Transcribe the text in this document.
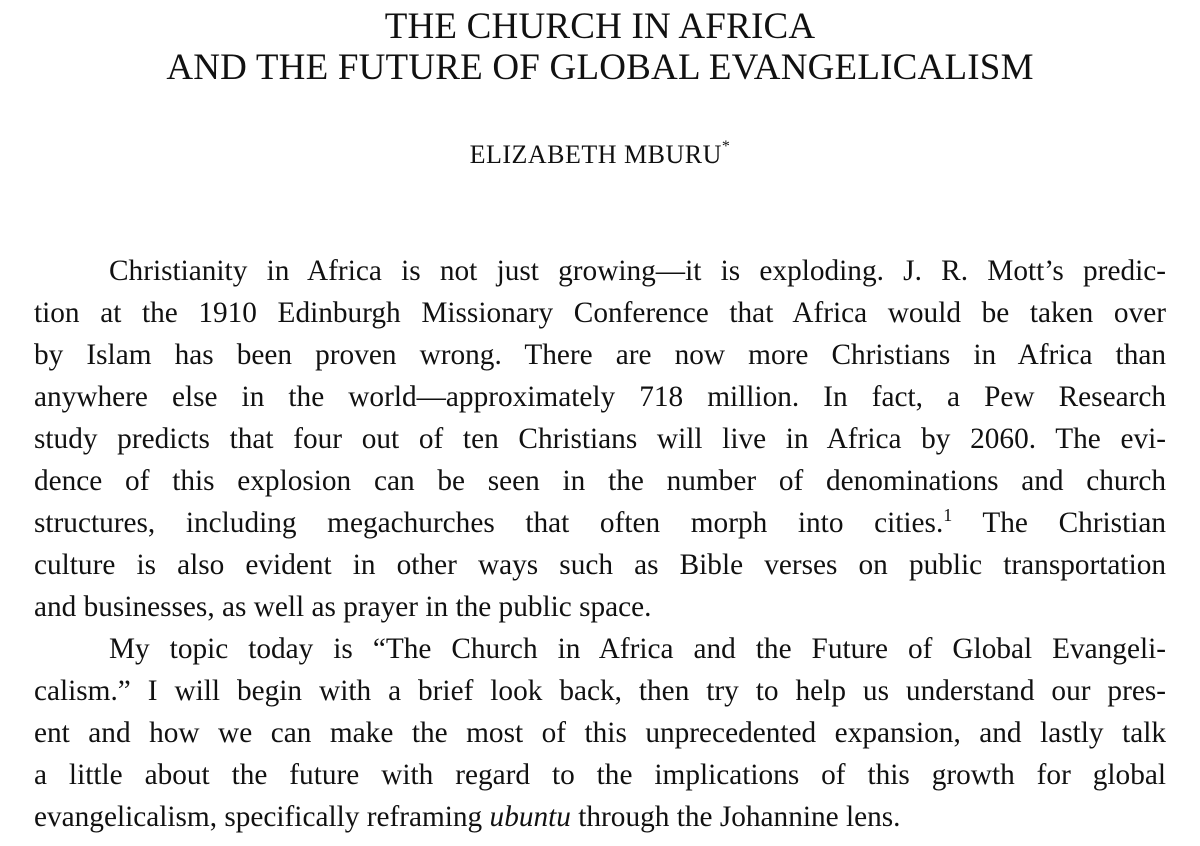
THE CHURCH IN AFRICA
AND THE FUTURE OF GLOBAL EVANGELICALISM
ELIZABETH MBURU*

Christianity in Africa is not just growing—it is exploding. J. R. Mott’s predic-
tion at the 1910 Edinburgh Missionary Conference that Africa would be taken over
by Islam has been proven wrong. There are now more Christians in Africa than
anywhere else in the world—approximately 718 million. In fact, a Pew Research
study predicts that four out of ten Christians will live in Africa by 2060. The evi-
dence of this explosion can be seen in the number of denominations and church
structures, including megachurches that often morph into cities.$^1$ The Christian
culture is also evident in other ways such as Bible verses on public transportation
and businesses, as well as prayer in the public space.

My topic today is “The Church in Africa and the Future of Global Evangeli-
calism.” I will begin with a brief look back, then try to help us understand our pres-
ent and how we can make the most of this unprecedented expansion, and lastly talk
a little about the future with regard to the implications of this growth for global
evangelicalism, specifically reframing ubuntu through the Johannine lens.
